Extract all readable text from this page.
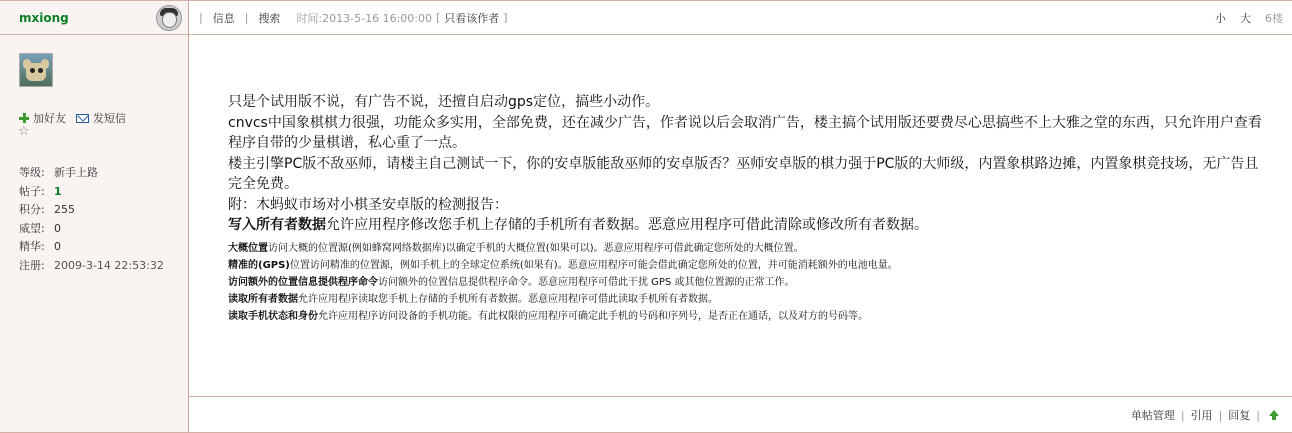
mxiong
加好友 发短信
☆
等级: 新手上路
帖子: 1
积分: 255
威望: 0
精华: 0
注册: 2009-3-14 22:53:32
| 信息 | 搜索 时间:2013-5-16 16:00:00 [ 只看该作者 ]	小 大 6楼

只是个试用版不说，有广告不说，还擅自启动gps定位，搞些小动作。

cnvcs中国象棋棋力很强，功能众多实用，全部免费，还在减少广告，作者说以后会取消广告，楼主搞个试用版还要费尽心思搞些不上大雅之堂的东西，只允许用户查看程序自带的少量棋谱，私心重了一点。

楼主引擎PC版不敌巫师，请楼主自己测试一下，你的安卓版能敌巫师的安卓版否？巫师安卓版的棋力强于PC版的大师级，内置象棋路边摊，内置象棋竞技场，无广告且完全免费。

附：木蚂蚁市场对小棋圣安卓版的检测报告：

写入所有者数据允许应用程序修改您手机上存储的手机所有者数据。恶意应用程序可借此清除或修改所有者数据。

大概位置访问大概的位置源(例如蜂窝网络数据库)以确定手机的大概位置(如果可以)。恶意应用程序可借此确定您所处的大概位置。

精准的(GPS)位置访问精准的位置源，例如手机上的全球定位系统(如果有)。恶意应用程序可能会借此确定您所处的位置，并可能消耗额外的电池电量。

访问额外的位置信息提供程序命令访问额外的位置信息提供程序命令。恶意应用程序可借此干扰 GPS 或其他位置源的正常工作。

读取所有者数据允许应用程序读取您手机上存储的手机所有者数据。恶意应用程序可借此读取手机所有者数据。

读取手机状态和身份允许应用程序访问设备的手机功能。有此权限的应用程序可确定此手机的号码和序列号，是否正在通话，以及对方的号码等。

单帖管理 | 引用 | 回复 |
